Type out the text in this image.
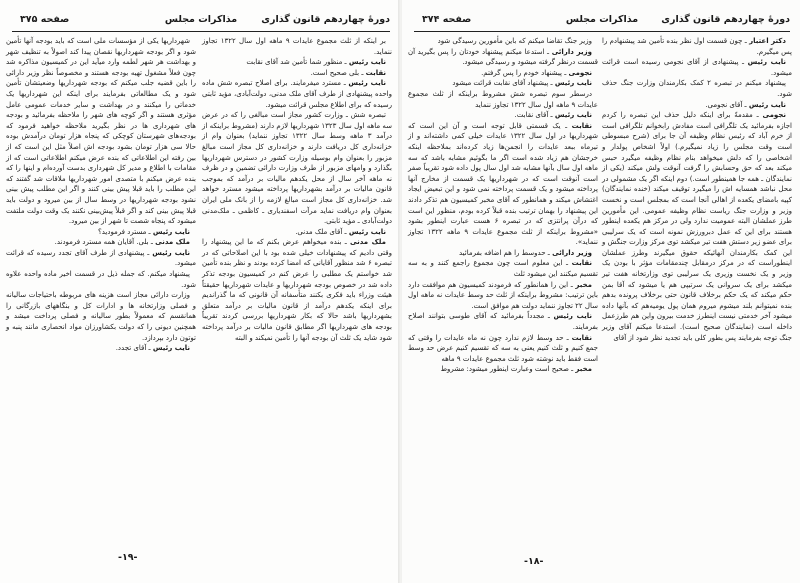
دورهٔ چهاردهم قانون گذاری
مذاکرات مجلس
صفحه ۳۷۵

بر اینکه از ثلث مجموع عایدات ۹ ماهه اول سال ۱۳۲۲ تجاوز ننماید.

نایب رئیس ـ منظور شما تأمین شد آقای نقابت

نقابت ـ بلی صحیح است.

نایب رئیس ـ مسترد میفرمایند. برای اصلاح تبصره شش ماده واحده پیشنهادی از طرف آقای ملک مدنی، دولت‌آبادی، مؤید ثابتی رسیده که برای اطلاع مجلس قرائت میشود.

تبصره شش ـ وزارت کشور مجاز است مبالغی را که در عرض سه ماهه اول سال ۱۳۲۳ شهرداریها لازم دارند (مشروط براینکه از درآمد ۳ ماهه وسط سال ۱۳۲۲ تجاوز ننماید) بعنوان وام از خزانه‌داری کل دریافت دارند و خزانه‌داری کل مجاز است مبالغ مزبور را بعنوان وام بوسیله وزارت کشور در دسترس شهرداریها بگذارد و وامهای مزبور از طرف وزارت دارائی تضمین و در ظرف نه ماهه آخر سال از محل یکدهم مالیات بر درآمد که بموجب قانون مالیات بر درآمد بشهرداریها پرداخته میشود مسترد خواهد شد. خزانه‌داری کل مجاز است مبالغ لازمه را از بانک ملی ایران بعنوان وام دریافت نماید مرآت اسفندیاری ـ کاظمی ـ ملک‌مدنی دولت‌آبادی ـ مؤید ثابتی.

نایب رئیس ـ آقای ملک مدنی.

ملک مدنی ـ بنده میخواهم عرض بکنم که ما این پیشنهاد را وقتی دادیم که پیشنهادات خیلی شده بود با این اصلاحاتی که در تبصره ۶ شد منظور آقایانی که امضا کرده بودند و نظر بنده تأمین شد خواستم یک مطلبی را عرض کنم در کمیسیون بودجه تذکر داده شد در خصوص بودجه شهرداریها و عایدات شهرداریها حقیقتاً هیئت وزراء باید فکری بکنند متأسفانه آن قانونی که ما گذراندیم برای اینکه یکدهم درآمد از قانون مالیات بر درآمد متعلق بشهرداریها باشد حالا که بکار شهرداریها بررسی کردند تقریباً بودجه های شهرداریها اگر مطابق قانون مالیات بر درآمد پرداخته شود شاید یک ثلث آن بودجه آنها را تأمین نمیکند و البته

شهرداریها یکی از مؤسسات ملی است که باید بودجه آنها تأمین شود و اگر بودجه شهرداریها نقصان پیدا کند اصولاً به تنظیف شهر و بهداشت هر شهر لطمه وارد میآید این در کمیسیون مذاکره شد چون فعلاً مشغول تهیه بودجه هستند و مخصوصاً نظر وزیر دارائی را باین قضیه جلب میکنم که بودجه شهرداریها وضعیتشان تأمین شود و یک مطالعاتی بفرمایند برای اینکه این شهرداریها یک خدماتی را میکنند و در بهداشت و سایر خدمات عمومی عامل مؤثری هستند و اگر کوچه های شهر را ملاحظه بفرمائید و بودجه های شهرداری ها در نظر بگیرید ملاحظه خواهید فرمود که بودجه‌های شهرستان کوچکی که پنجاه هزار تومان درآمدش بوده حالا سی هزار تومان بشود بودجه اش اصلاً مثل این است که از بین رفته این اطلاعاتی که بنده عرض میکنم اطلاعاتی است که از مقامات با اطلاع و مدیر کل شهرداری بدست آورده‌ام و اینها را که بنده عرض میکنم با متصدی امور شهرداریها ملاقات شد گفتند که این مطلب را باید قبلا پیش بینی کنند و اگر این مطلب پیش بینی نشود بودجه شهرداریها در وسط سال از بین میرود و دولت باید قبلا پیش بینی کند و اگر قبلاً پیش‌بینی نکنند یک وقت دولت ملتفت میشود که پنجاه شصت تا شهر از بین میرود.

نایب رئیس ـ مسترد فرمودید؟

ملک مدنی ـ بلی. آقایان همه مسترد فرمودند.

نایب رئیس ـ پیشنهادی از طرف آقای تجدد رسیده که قرائت میشود.

پیشنهاد میکنم. که جمله ذیل در قسمت اخیر ماده واحده علاوه شود.

وزارت دارائی مجاز است هزینه های مربوطه باحتیاجات سالیانه و فصلی وزارتخانه ها و ادارات کل و بنگاههای بازرگانی را همانقسم که معمولاً بطور سالیانه و فصلی پرداخت میشد و همچنین دیونی را که دولت بکشاورزان مواد انحصاری مانند پنبه و توتون دارد بپردازد.

نایب رئیس ـ آقای تجدد.

-۱۹-
دورهٔ چهاردهم قانون گذاری
مذاکرات مجلس
صفحه ۳۷۴

دکتر اعتبار ـ چون قسمت اول نظر بنده تأمین شد پیشنهادم را پس میگیرم.

نایب رئیس ـ پیشنهادی از آقای نجومی رسیده است قرائت میشود.

پیشنهاد میکنم در تبصره ۲ کمک بکارمندان وزارت جنگ حذف شود.

نایب رئیس ـ آقای نجومی.

نجومی ـ مقدمةً برای اینکه دلیل حذف این تبصره را کردم اجازه بفرمائید یک تلگرافی است مفادش رابخوانم تلگرافی است از خرم آباد که رئیس نظام وظیفه آن جا برای (شرح مبسوطی است وقت مجلس را زیاد نمیگیرم.) اولاً اشخاص پولدار و اشخاصی را که دلش میخواهد بنام نظام وظیفه میگیرد حبس میکند بعد که حق وحسابش را گرفت آنوقت ولش میکند (یکی از نمایندگان ـ همه جا همینطور است.) دوم اینکه اگر یک مشمولی در محل نباشد همسایه اش را میگیرد توقیف میکند (خنده نمایندگان) کپیه بامضای یکعده از اهالی آنجا است که بمجلس است و نخست وزیر و وزارت جنگ ریاست نظام وظیفه عمومی. این مأمورین طرز عملشان البته عمومیت ندارد ولی در مرکز هم یکعده اینطور هستند برای این که عمل دبرورزش نمونه است که یک سرلیبی برای عضو زیر دستش هفت تیر میکشد توی مرکز وزارت جنگش و این کمک بکارمندان آنهائیکه حقوق میگیرند وطرز عملشان اینطوراست که در مرکز درمقابل چندمقامات مؤثر با بودن یک وزیر و یک نخست وزیری یک سرلیبی توی وزارتخانه هفت تیر میکشد برای یک سروانی یک سرتیپی هم یا میشود که آقا بمن حکم میکند که یک حکم برخلاف قانون حتی برخلاف پرونده بدهم بنده نمیتوانم بلند میشوم میروم همان پول یومیه‌هم که بآنها داده میشود آخر خدمتی نیست اینطرز خدمت بیرون واین هم طرزعمل داخله است (نمایندگان صحیح است). استدعا میکنم آقای وزیر جنگ توجه بفرمایند پس بطور کلی باید تجدید نظر شود از آقای

وزیر جنگ تقاضا میکنم که باین مأمورین رسیدگی شود

وزیر دارائی ـ استدعا میکنم پیشنهاد خودتان را پس بگیرید آن قسمت درنظر گرفته میشود و رسیدگی میشود.

نجومی ـ پیشنهاد خودم را پس گرفتم.

نایب رئیس ـ پیشنهاد آقای نقابت قرائت میشود

درسطر سوم تبصره شش مشروط براینکه از ثلث مجموع عایدات ۹ ماهه اول سال ۱۳۲۲ تجاوز ننماید

نایب رئیس ـ آقای نقابت.

نقابت ـ یک قسمتی قابل توجه است و آن این است که شهرداریها در اول سال ۱۳۲۲ عایدات خیلی کمی داشته‌اند و از تیرماه ببعد عایدات را انجمن‌ها زیاد کرده‌اند بملاحظه اینکه خرجشان هم زیاد شده است اگر ما بگوئیم مشابه باشد که سه ماهه اول سال بآنها مشابه شد اول سال پول داده شود تقریباً صفر است آنوقت است که در شهرداریها یک قسمت از مخارج آنها پرداخته میشود و یک قسمت پرداخته نمی شود و این تبعیض ایجاد اغتشاش میکند و همانطور که آقای مخبر کمیسیون هم تذکر دادند این پیشنهاد را بهمان ترتیب بنده قبلاً کرده بودم، منظور این است که درآن پرانتزی که در تبصره ۶ هست عبارت اینطور بشود «مشروط براینکه از ثلث مجموع عایدات ۹ ماهه ۱۳۲۲ تجاوز ننماید».

وزیر دارائی ـ حدوسط را هم اضافه بفرمائید

نقابت ـ این معلوم است چون مجموع راجمع کنند و به سه تقسیم میکنند این میشود ثلث

مخبر ـ این را همانطور که فرمودند کمیسیون هم موافقت دارد باین ترتیب: مشروط براینکه از ثلث حد وسط عایدات نه ماهه اول سال ۲۲ تجاوز ننماید دولت هم موافق است.

نایب رئیس ـ مجدداً بفرمائید که آقای طوسی بتوانند اصلاح بفرمایند.

نقابت ـ حد وسط لازم ندارد چون نه ماه عایدات را وقتی که جمع کنیم و ثلث کنیم یعنی به سه که تقسیم کنیم عرض حد وسط است فقط باید نوشته شود ثلث مجموع عایدات ۹ ماهه

مخبر ـ صحیح است وعبارت اینطور میشود: مشروط

-۱۸-
